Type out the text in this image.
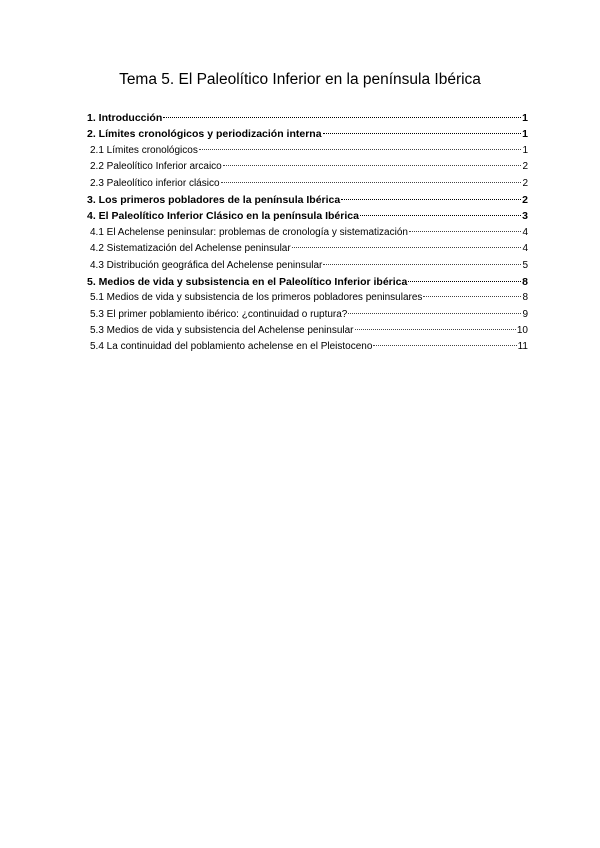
Tema 5. El Paleolítico Inferior en la península Ibérica
1. Introducción	1
2. Límites cronológicos y periodización interna	1
2.1 Límites cronológicos	1
2.2 Paleolítico Inferior arcaico	2
2.3 Paleolítico inferior clásico	2
3. Los primeros pobladores de la península Ibérica	2
4. El Paleolítico Inferior Clásico en la península Ibérica	3
4.1 El Achelense peninsular: problemas de cronología y sistematización	4
4.2 Sistematización del Achelense peninsular	4
4.3 Distribución geográfica del Achelense peninsular	5
5. Medios de vida y subsistencia en el Paleolítico Inferior ibérica	8
5.1 Medios de vida y subsistencia de los primeros pobladores peninsulares	8
5.3 El primer poblamiento ibérico: ¿continuidad o ruptura?	9
5.3 Medios de vida y subsistencia del Achelense peninsular	10
5.4 La continuidad del poblamiento achelense en el Pleistoceno	11
